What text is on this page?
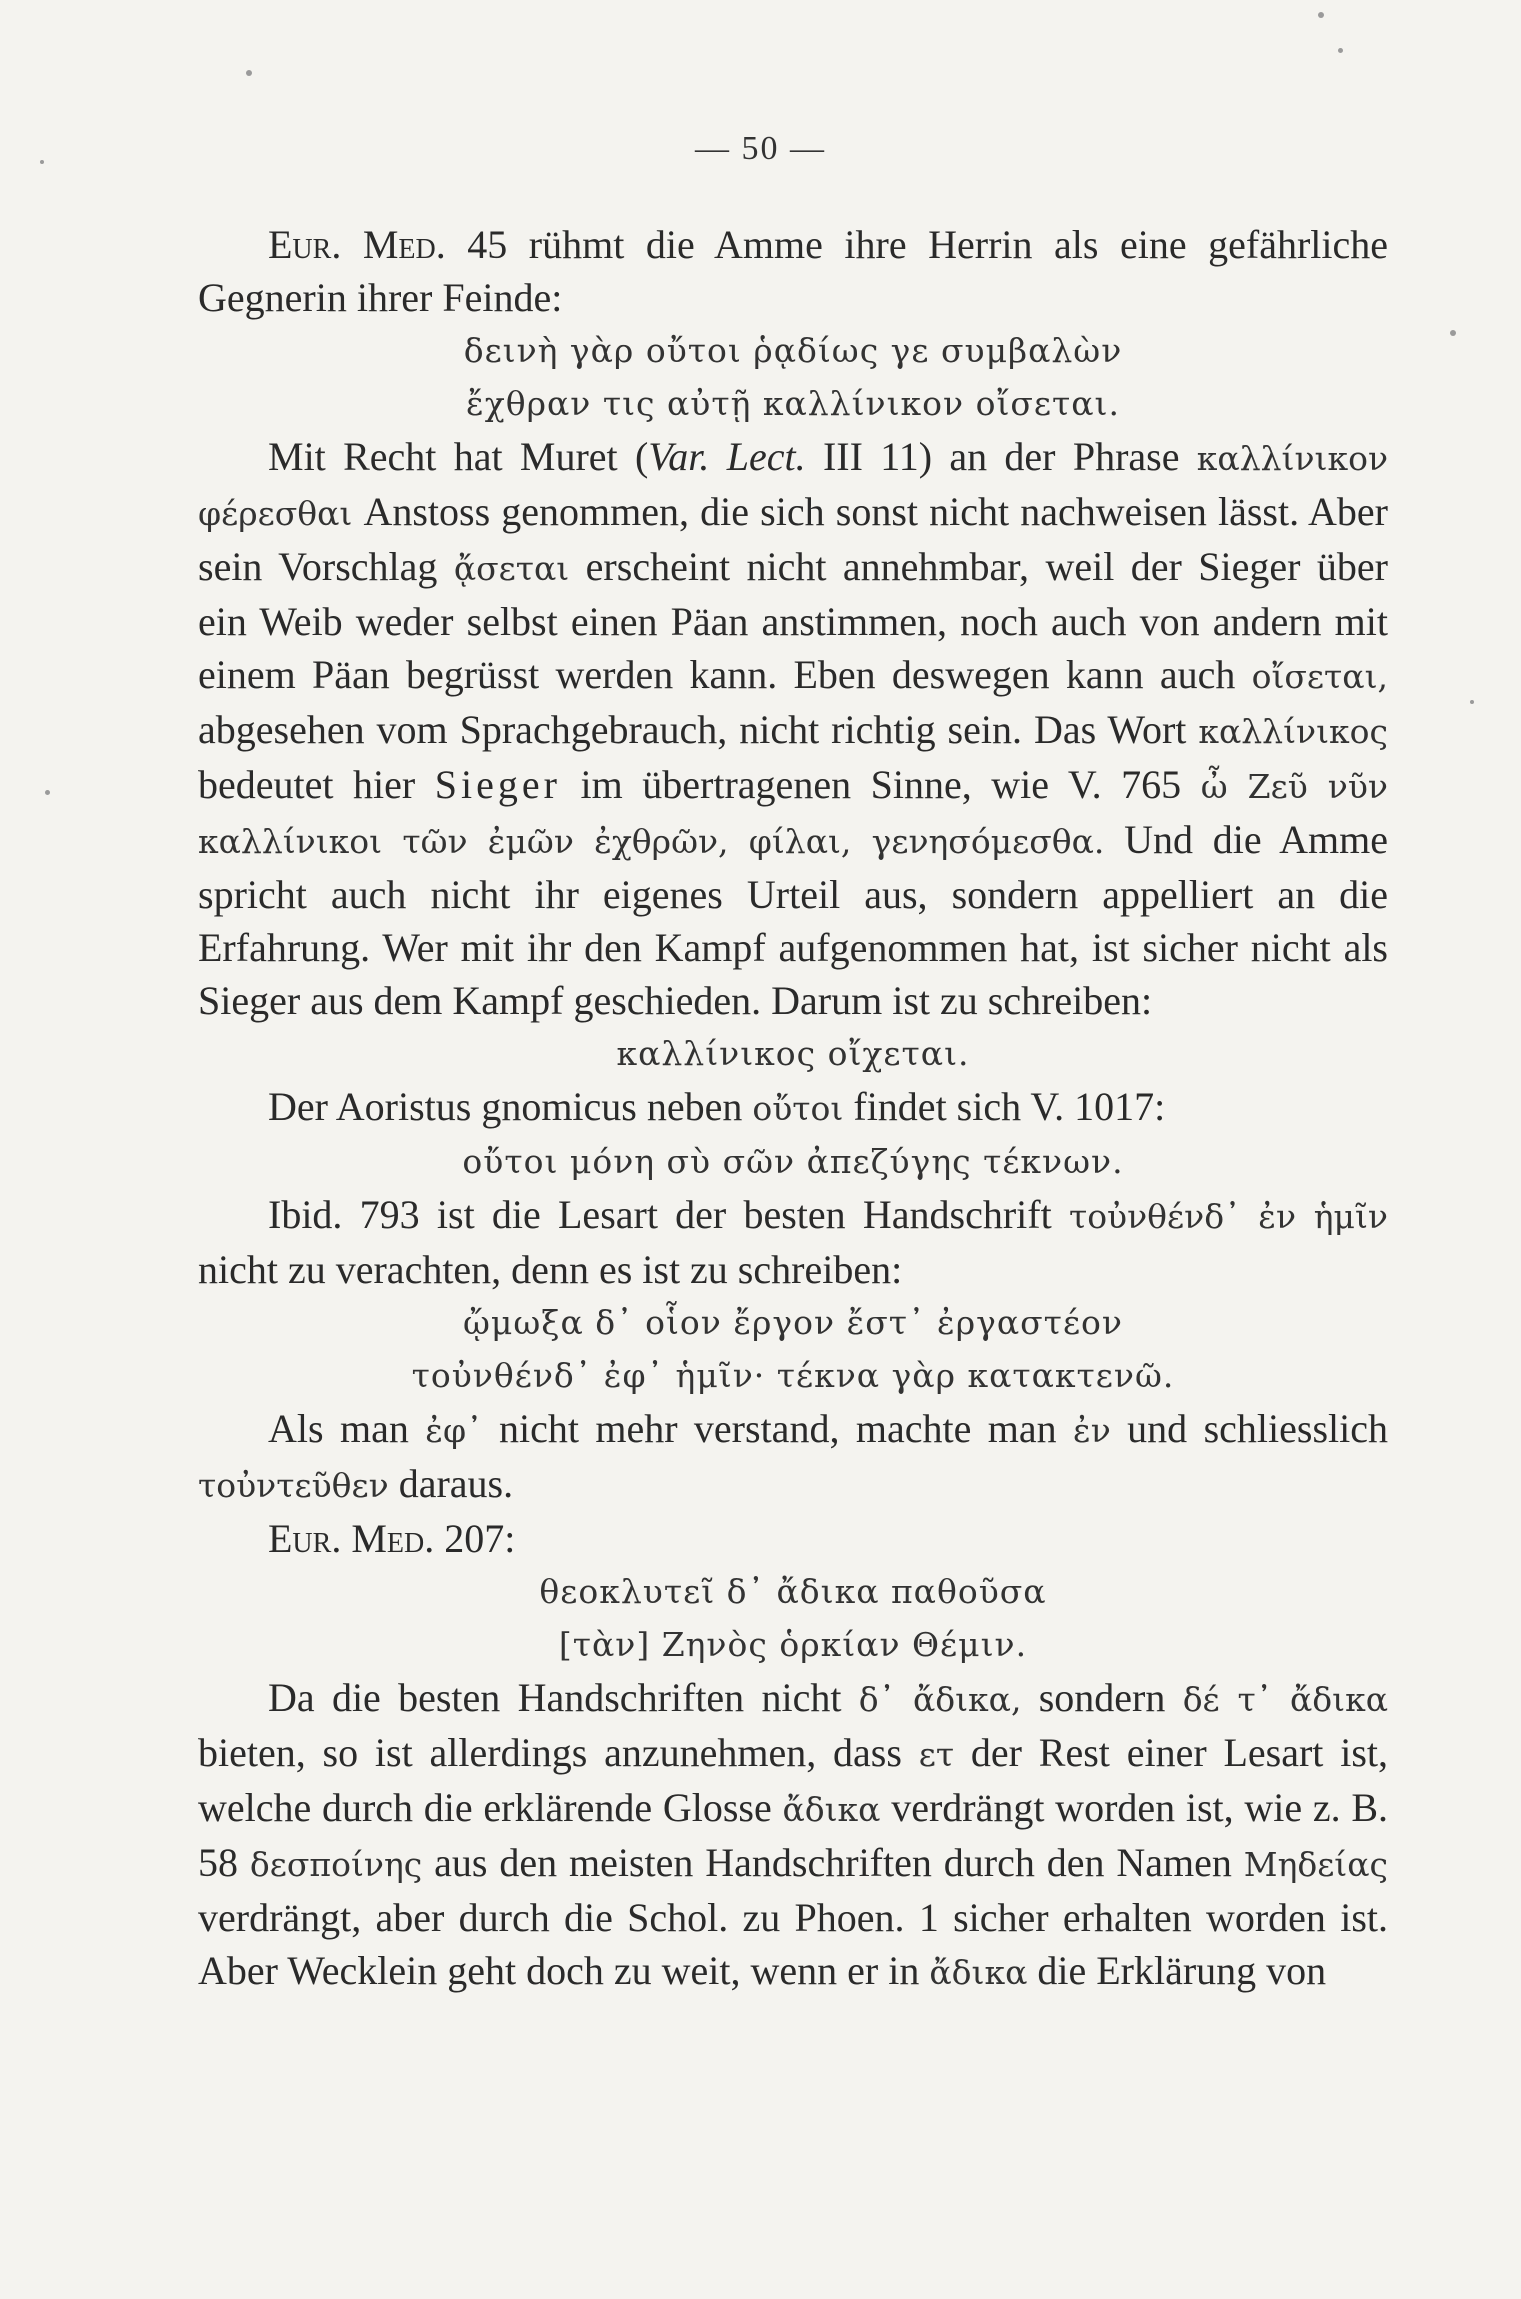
— 50 —

Eur. Med. 45 rühmt die Amme ihre Herrin als eine gefährliche Gegnerin ihrer Feinde:

δεινὴ γὰρ οὔτοι ῥᾳδίως γε συμβαλὼν

ἔχθραν τις αὐτῇ καλλίνικον οἴσεται.

Mit Recht hat Muret (Var. Lect. III 11) an der Phrase καλλίνικον φέρεσθαι Anstoss genommen, die sich sonst nicht nachweisen lässt. Aber sein Vorschlag ᾄσεται erscheint nicht annehmbar, weil der Sieger über ein Weib weder selbst einen Päan anstimmen, noch auch von andern mit einem Päan begrüsst werden kann. Eben deswegen kann auch οἴσεται, abgesehen vom Sprachgebrauch, nicht richtig sein. Das Wort καλλίνικος bedeutet hier Sieger im übertragenen Sinne, wie V. 765 ὦ Ζεῦ νῦν καλλίνικοι τῶν ἐμῶν ἐχθρῶν, φίλαι, γενησόμεσθα. Und die Amme spricht auch nicht ihr eigenes Urteil aus, sondern appelliert an die Erfahrung. Wer mit ihr den Kampf aufgenommen hat, ist sicher nicht als Sieger aus dem Kampf geschieden. Darum ist zu schreiben:

καλλίνικος οἴχεται.

Der Aoristus gnomicus neben οὔτοι findet sich V. 1017:

οὔτοι μόνη σὺ σῶν ἀπεζύγης τέκνων.

Ibid. 793 ist die Lesart der besten Handschrift τοὐνθένδ᾽ ἐν ἡμῖν nicht zu verachten, denn es ist zu schreiben:

ᾤμωξα δ᾽ οἷον ἔργον ἔστ᾽ ἐργαστέον

τοὐνθένδ᾽ ἐφ᾽ ἡμῖν· τέκνα γὰρ κατακτενῶ.

Als man ἐφ᾽ nicht mehr verstand, machte man ἐν und schliesslich τοὐντεῦθεν daraus.

Eur. Med. 207:

θεοκλυτεῖ δ᾽ ἄδικα παθοῦσα

[τὰν] Ζηνὸς ὁρκίαν Θέμιν.

Da die besten Handschriften nicht δ᾽ ἄδικα, sondern δέ τ᾽ ἄδικα bieten, so ist allerdings anzunehmen, dass ετ der Rest einer Lesart ist, welche durch die erklärende Glosse ἄδικα verdrängt worden ist, wie z. B. 58 δεσποίνης aus den meisten Handschriften durch den Namen Μηδείας verdrängt, aber durch die Schol. zu Phoen. 1 sicher erhalten worden ist. Aber Wecklein geht doch zu weit, wenn er in ἄδικα die Erklärung von
